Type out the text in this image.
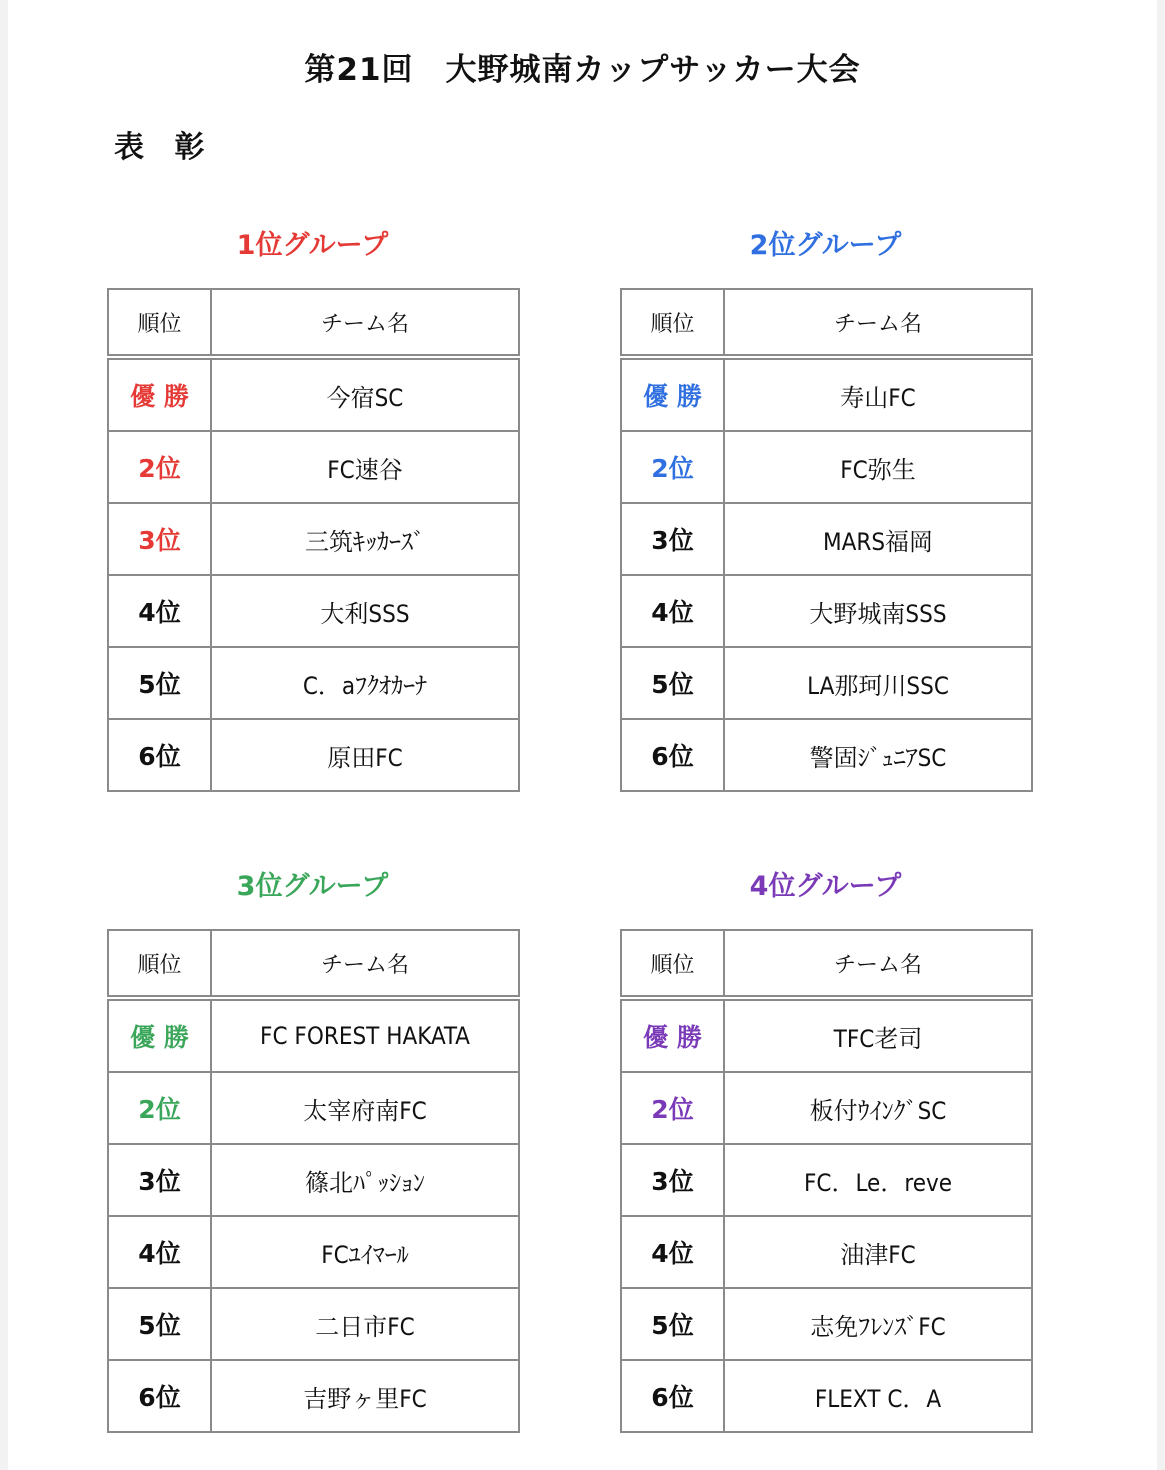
第21回　大野城南カップサッカー大会
表 彰
1位グループ
順位	チーム名
優 勝	今宿SC
2位	FC速谷
3位	三筑ｷｯｶｰｽﾞ
4位	大利SSS
5位	C．aﾌｸｵｶｰﾅ
6位	原田FC
2位グループ
順位	チーム名
優 勝	寿山FC
2位	FC弥生
3位	MARS福岡
4位	大野城南SSS
5位	LA那珂川SSC
6位	警固ｼﾞｭﾆｱSC
3位グループ
順位	チーム名
優 勝	FC FOREST HAKATA
2位	太宰府南FC
3位	篠北ﾊﾟｯｼｮﾝ
4位	FCﾕｲﾏｰﾙ
5位	二日市FC
6位	吉野ヶ里FC
4位グループ
順位	チーム名
優 勝	TFC老司
2位	板付ｳｲﾝｸﾞSC
3位	FC．Le．reve
4位	油津FC
5位	志免ﾌﾚﾝｽﾞFC
6位	FLEXT C．A
